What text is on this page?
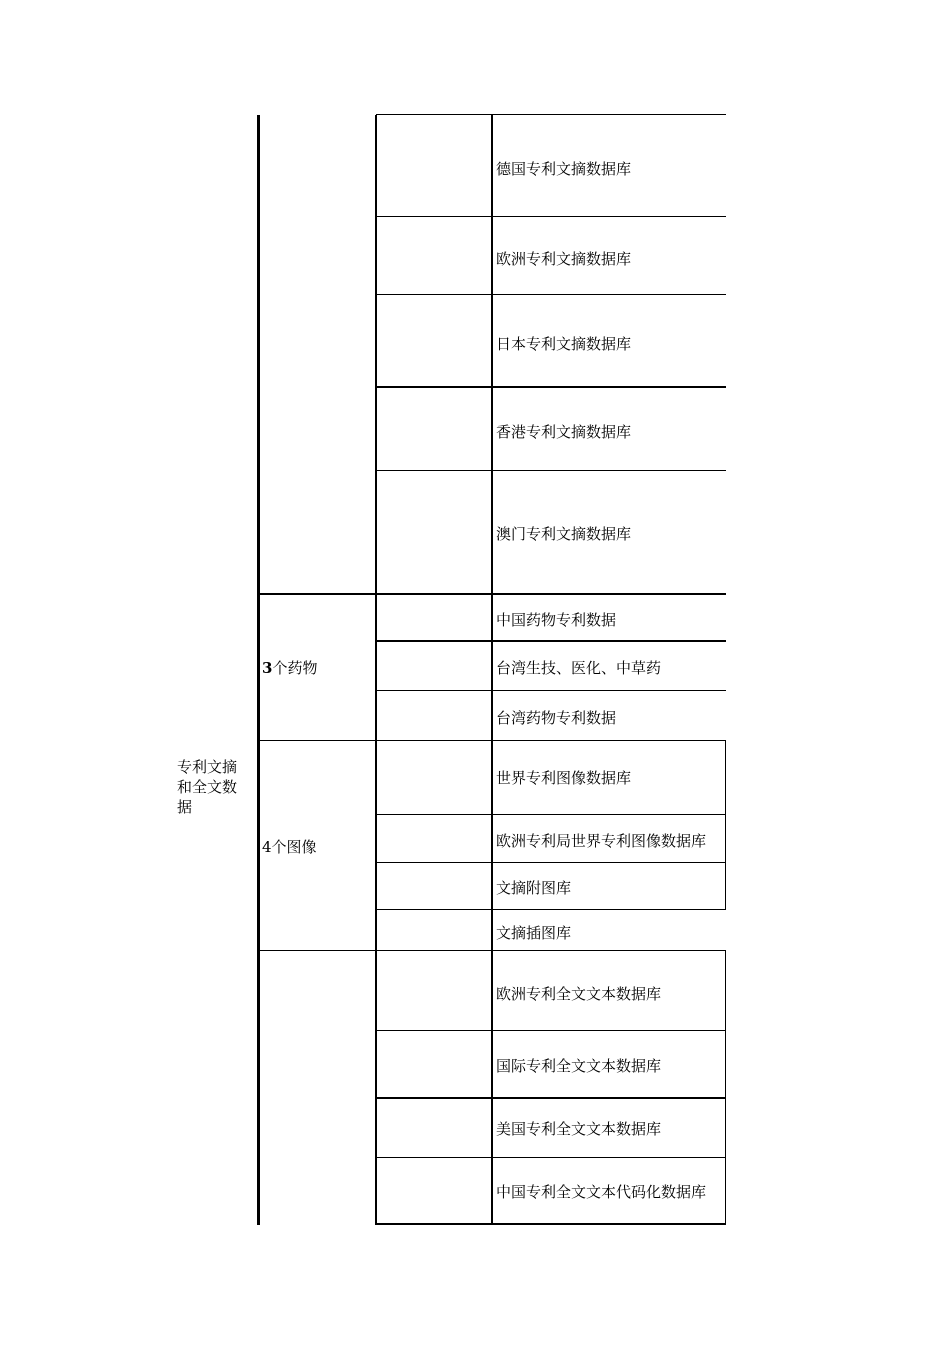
专利文摘和全文数据
3个药物
4个图像
德国专利文摘数据库
欧洲专利文摘数据库
日本专利文摘数据库
香港专利文摘数据库
澳门专利文摘数据库
中国药物专利数据
台湾生技、医化、中草药
台湾药物专利数据
世界专利图像数据库
欧洲专利局世界专利图像数据库
文摘附图库
文摘插图库
欧洲专利全文文本数据库
国际专利全文文本数据库
美国专利全文文本数据库
中国专利全文文本代码化数据库
